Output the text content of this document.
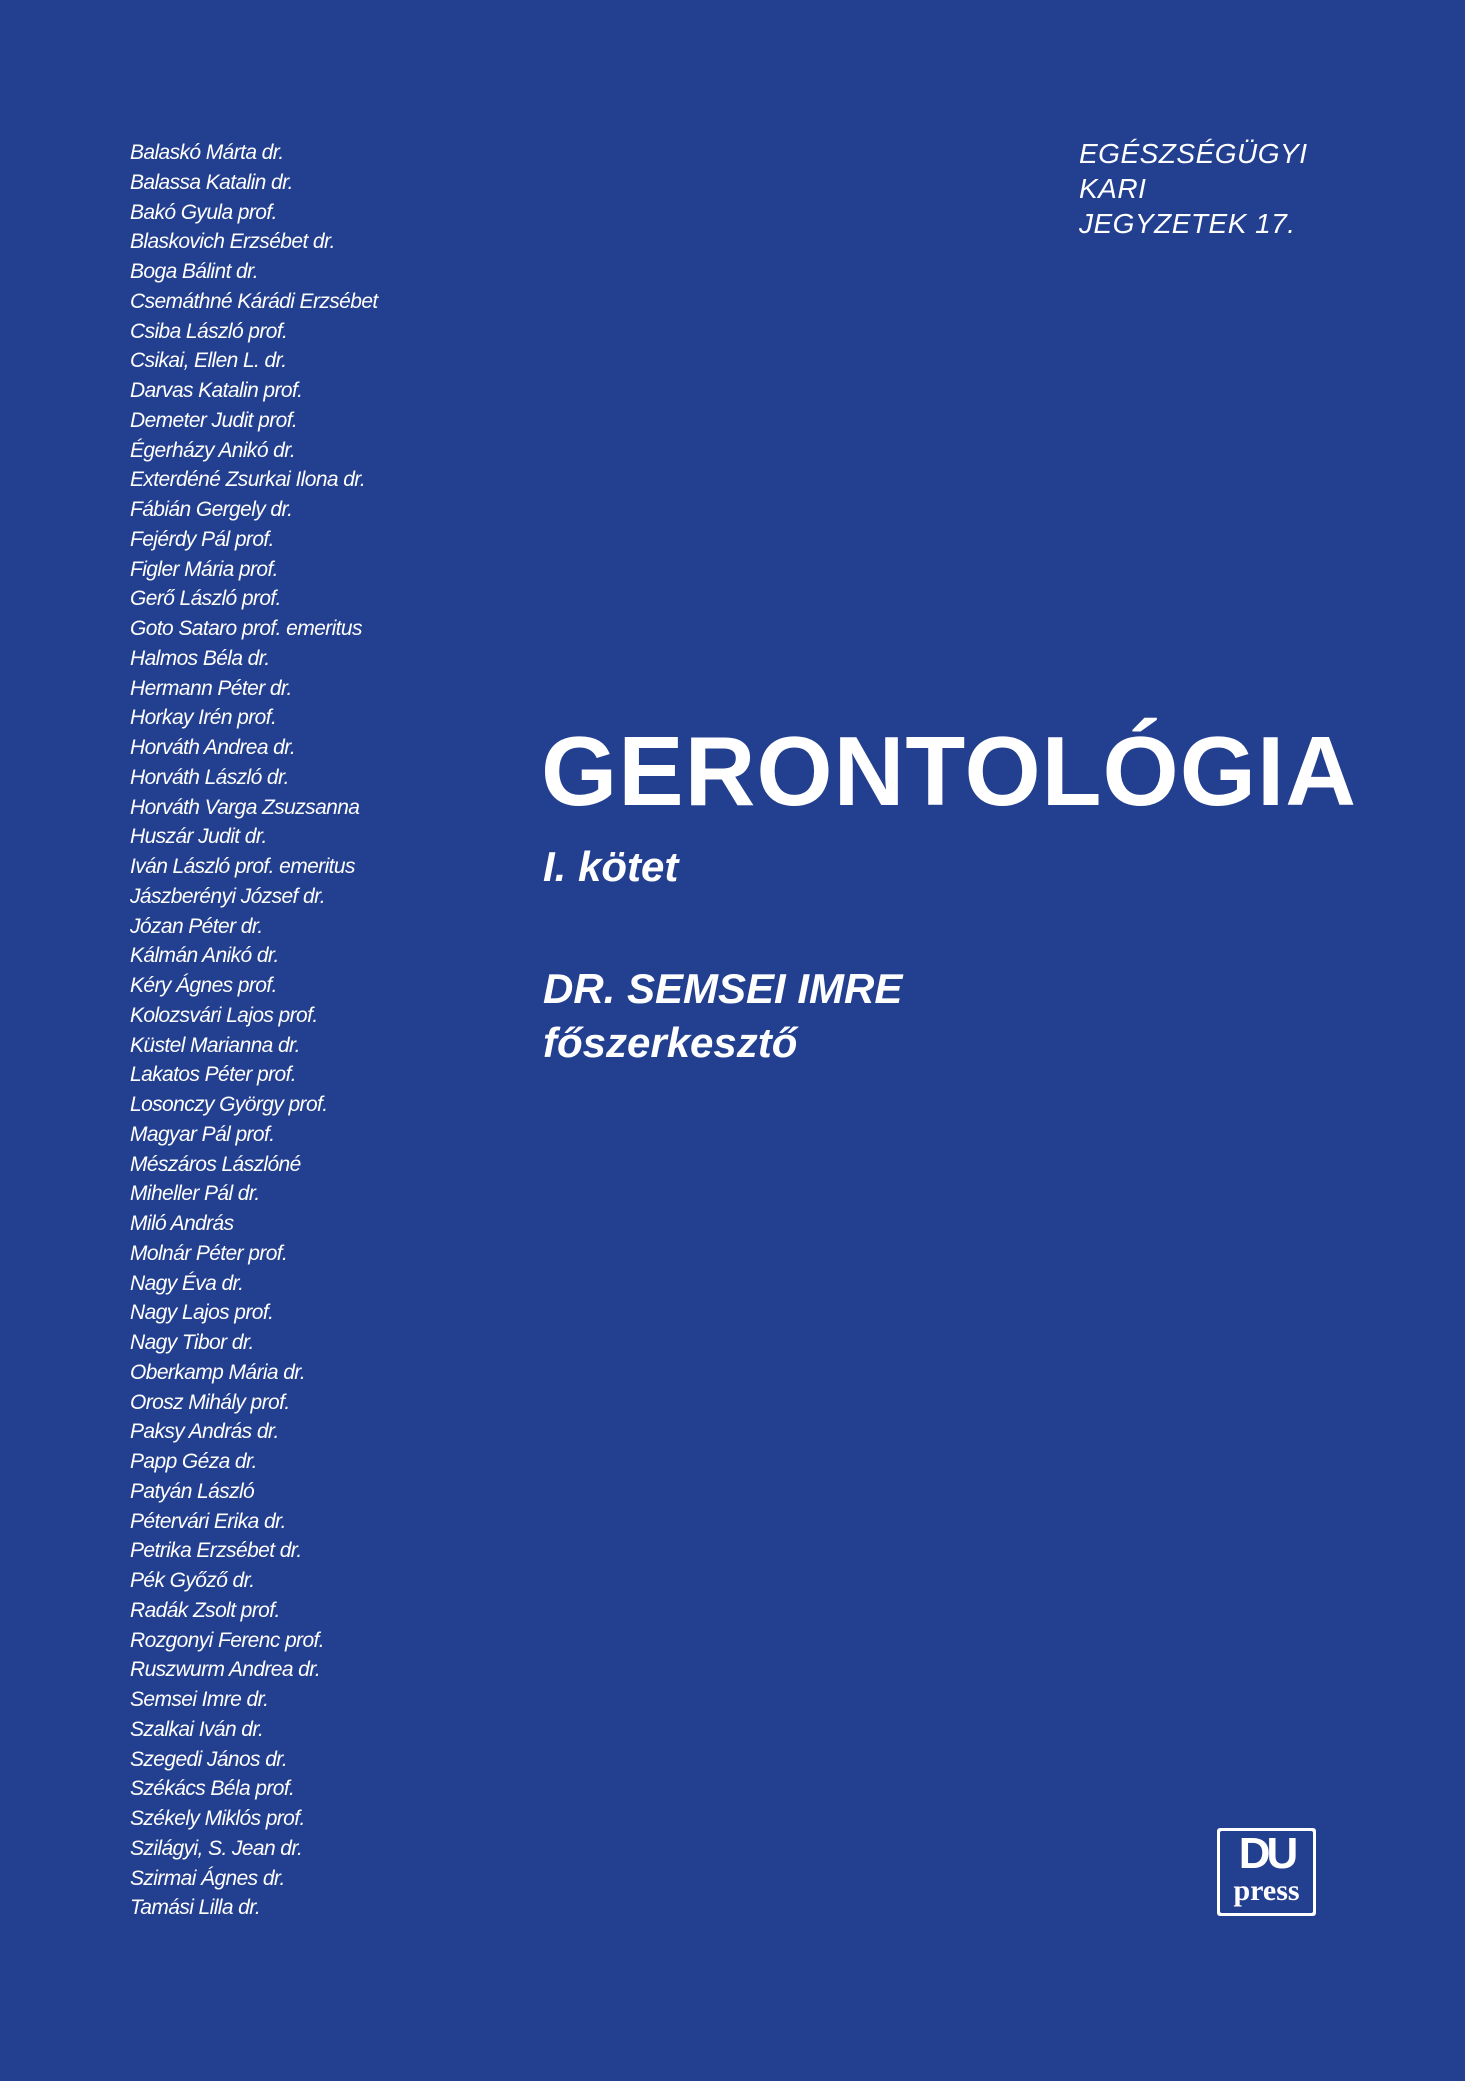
Balaskó Márta dr.
Balassa Katalin dr.
Bakó Gyula prof.
Blaskovich Erzsébet dr.
Boga Bálint dr.
Csemáthné Kárádi Erzsébet
Csiba László prof.
Csikai, Ellen L. dr.
Darvas Katalin prof.
Demeter Judit prof.
Égerházy Anikó dr.
Exterdéné Zsurkai Ilona dr.
Fábián Gergely dr.
Fejérdy Pál prof.
Figler Mária prof.
Gerő László prof.
Goto Sataro prof. emeritus
Halmos Béla dr.
Hermann Péter dr.
Horkay Irén prof.
Horváth Andrea dr.
Horváth László dr.
Horváth Varga Zsuzsanna
Huszár Judit dr.
Iván László prof. emeritus
Jászberényi József dr.
Józan Péter dr.
Kálmán Anikó dr.
Kéry Ágnes prof.
Kolozsvári Lajos prof.
Küstel Marianna dr.
Lakatos Péter prof.
Losonczy György prof.
Magyar Pál prof.
Mészáros Lászlóné
Miheller Pál dr.
Miló András
Molnár Péter prof.
Nagy Éva dr.
Nagy Lajos prof.
Nagy Tibor dr.
Oberkamp Mária dr.
Orosz Mihály prof.
Paksy András dr.
Papp Géza dr.
Patyán László
Pétervári Erika dr.
Petrika Erzsébet dr.
Pék Győző dr.
Radák Zsolt prof.
Rozgonyi Ferenc prof.
Ruszwurm Andrea dr.
Semsei Imre dr.
Szalkai Iván dr.
Szegedi János dr.
Székács Béla prof.
Székely Miklós prof.
Szilágyi, S. Jean dr.
Szirmai Ágnes dr.
Tamási Lilla dr.
EGÉSZSÉGÜGYI
KARI
JEGYZETEK 17.
GERONTOLÓGIA
I. kötet
DR. SEMSEI IMRE
főszerkesztő
DU
press
